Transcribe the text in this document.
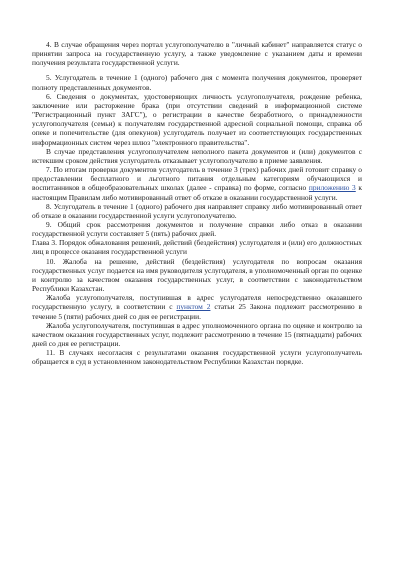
4. В случае обращения через портал услугополучателю в "личный кабинет" направляется статус о принятии запроса на государственную услугу, а также уведомление с указанием даты и времени получения результата государственной услуги.

5. Услугодатель в течение 1 (одного) рабочего дня с момента получения документов, проверяет полноту представленных документов.

6. Сведения о документах, удостоверяющих личность услугополучателя, рождение ребенка, заключение или расторжение брака (при отсутствии сведений в информационной системе "Регистрационный пункт ЗАГС"), о регистрации в качестве безработного, о принадлежности услугополучателя (семьи) к получателям государственной адресной социальной помощи, справка об опеке и попечительстве (для опекунов) услугодатель получает из соответствующих государственных информационных систем через шлюз "электронного правительства".

В случае представления услугополучателем неполного пакета документов и (или) документов с истекшим сроком действия услугодатель отказывает услугополучателю в приеме заявления.

7. По итогам проверки документов услугодатель в течение 3 (трех) рабочих дней готовит справку о предоставлении бесплатного и льготного питания отдельным категориям обучающихся и воспитанников в общеобразовательных школах (далее - справка) по форме, согласно приложению 3 к настоящим Правилам либо мотивированный ответ об отказе в оказании государственной услуги.

8. Услугодатель в течение 1 (одного) рабочего дня направляет справку либо мотивированный ответ об отказе в оказании государственной услуги услугополучателю.

9. Общий срок рассмотрения документов и получение справки либо отказ в оказании государственной услуги составляет 5 (пять) рабочих дней.

Глава 3. Порядок обжалования решений, действий (бездействия) услугодателя и (или) его должностных лиц в процессе оказания государственной услуги

10. Жалоба на решение, действий (бездействия) услугодателя по вопросам оказания государственных услуг подается на имя руководителя услугодателя, в уполномоченный орган по оценке и контролю за качеством оказания государственных услуг, в соответствии с законодательством Республики Казахстан.

Жалоба услугополучателя, поступившая в адрес услугодателя непосредственно оказавшего государственную услугу, в соответствии с пунктом 2 статьи 25 Закона подлежит рассмотрению в течение 5 (пяти) рабочих дней со дня ее регистрации.

Жалоба услугополучателя, поступившая в адрес уполномоченного органа по оценке и контролю за качеством оказания государственных услуг, подлежит рассмотрению в течение 15 (пятнадцати) рабочих дней со дня ее регистрации.

11. В случаях несогласия с результатами оказания государственной услуги услугополучатель обращается в суд в установленном законодательством Республики Казахстан порядке.
